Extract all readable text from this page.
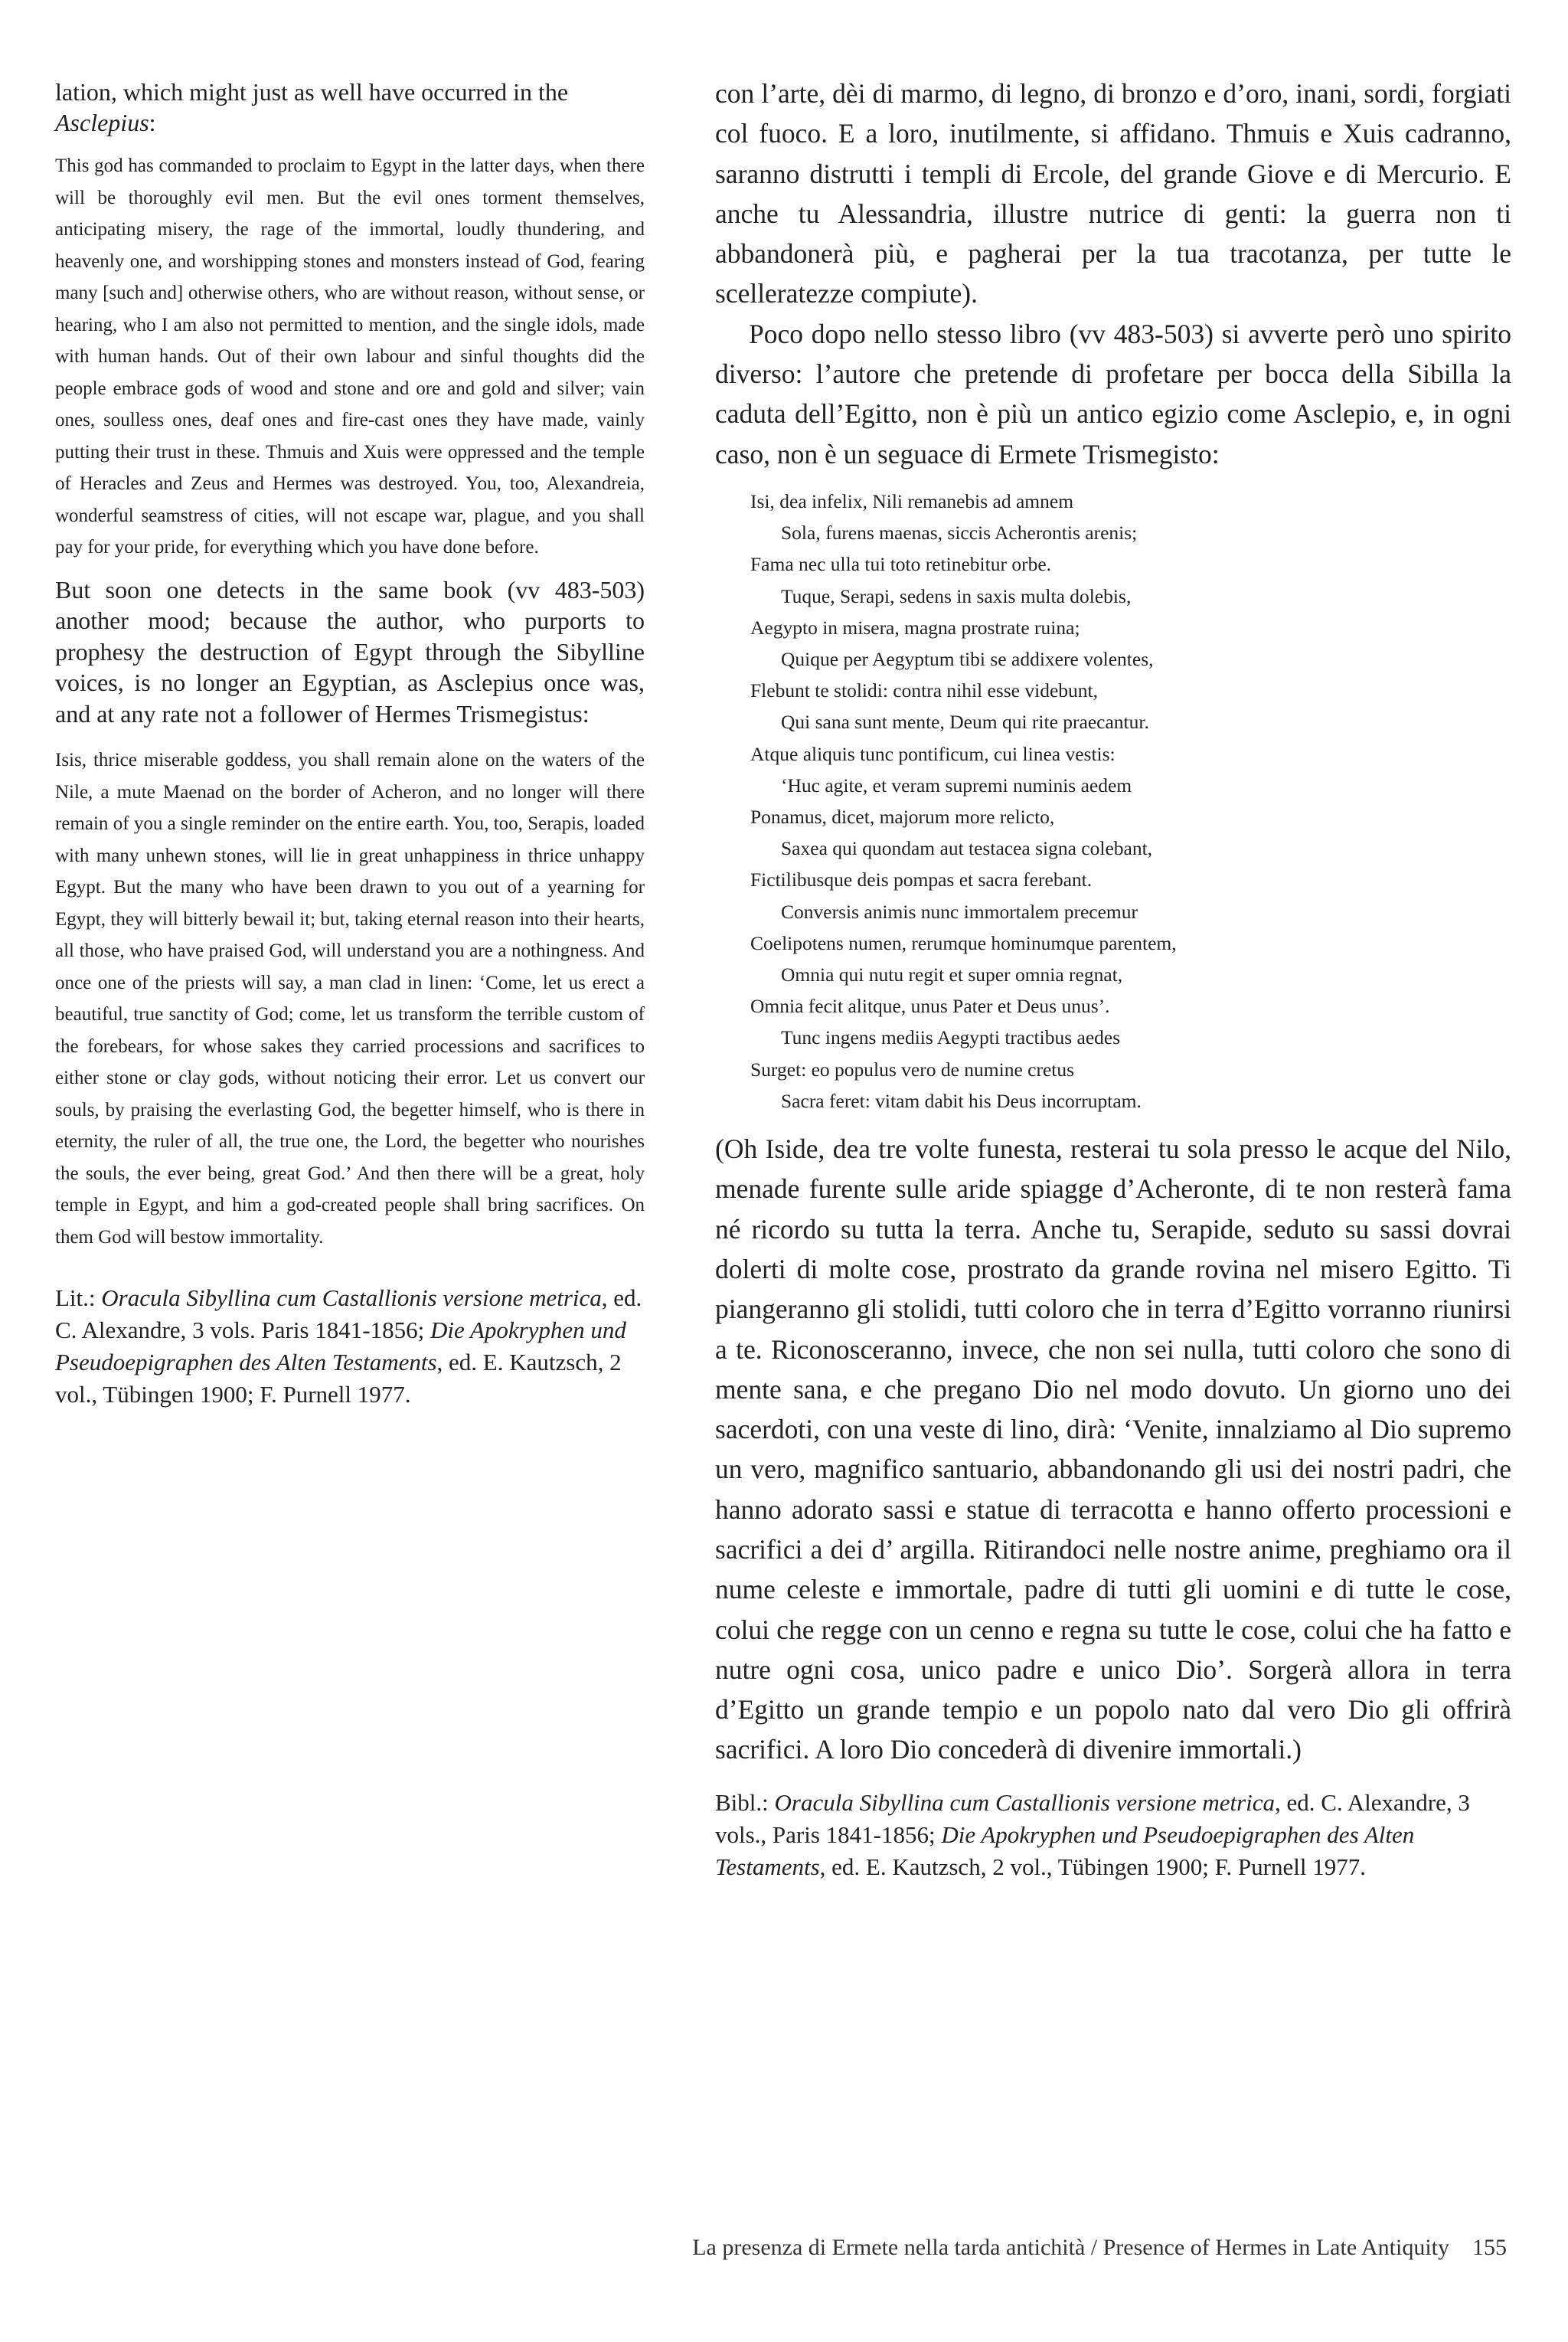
lation, which might just as well have occurred in the Asclepius:

This god has commanded to proclaim to Egypt in the latter days, when there will be thoroughly evil men. But the evil ones torment themselves, anticipating misery, the rage of the immortal, loudly thundering, and heavenly one, and worshipping stones and monsters instead of God, fearing many [such and] otherwise others, who are without reason, without sense, or hearing, who I am also not permitted to mention, and the single idols, made with human hands. Out of their own labour and sinful thoughts did the people embrace gods of wood and stone and ore and gold and silver; vain ones, soulless ones, deaf ones and fire-cast ones they have made, vainly putting their trust in these. Thmuis and Xuis were oppressed and the temple of Heracles and Zeus and Hermes was destroyed. You, too, Alexandreia, wonderful seamstress of cities, will not escape war, plague, and you shall pay for your pride, for everything which you have done before.

But soon one detects in the same book (vv 483-503) another mood; because the author, who purports to prophesy the destruction of Egypt through the Sibylline voices, is no longer an Egyptian, as Asclepius once was, and at any rate not a follower of Hermes Trismegistus:

Isis, thrice miserable goddess, you shall remain alone on the waters of the Nile, a mute Maenad on the border of Acheron, and no longer will there remain of you a single reminder on the entire earth. You, too, Serapis, loaded with many unhewn stones, will lie in great unhappiness in thrice unhappy Egypt. But the many who have been drawn to you out of a yearning for Egypt, they will bitterly bewail it; but, taking eternal reason into their hearts, all those, who have praised God, will understand you are a nothingness. And once one of the priests will say, a man clad in linen: ‘Come, let us erect a beautiful, true sanctity of God; come, let us transform the terrible custom of the forebears, for whose sakes they carried processions and sacrifices to either stone or clay gods, without noticing their error. Let us convert our souls, by praising the everlasting God, the begetter himself, who is there in eternity, the ruler of all, the true one, the Lord, the begetter who nourishes the souls, the ever being, great God.’ And then there will be a great, holy temple in Egypt, and him a god-created people shall bring sacrifices. On them God will bestow immortality.

Lit.: Oracula Sibyllina cum Castallionis versione metrica, ed. C. Alexandre, 3 vols. Paris 1841-1856; Die Apokryphen und Pseudoepigraphen des Alten Testaments, ed. E. Kautzsch, 2 vol., Tübingen 1900; F. Purnell 1977.

con l’arte, dèi di marmo, di legno, di bronzo e d’oro, inani, sordi, forgiati col fuoco. E a loro, inutilmente, si affidano. Thmuis e Xuis cadranno, saranno distrutti i templi di Ercole, del grande Giove e di Mercurio. E anche tu Alessandria, illustre nutrice di genti: la guerra non ti abbandonerà più, e pagherai per la tua tracotanza, per tutte le scelleratezze compiute).

Poco dopo nello stesso libro (vv 483-503) si avverte però uno spirito diverso: l’autore che pretende di profetare per bocca della Sibilla la caduta dell’Egitto, non è più un antico egizio come Asclepio, e, in ogni caso, non è un seguace di Ermete Trismegisto:

Isi, dea infelix, Nili remanebis ad amnem
Sola, furens maenas, siccis Acherontis arenis;
Fama nec ulla tui toto retinebitur orbe.
Tuque, Serapi, sedens in saxis multa dolebis,
Aegypto in misera, magna prostrate ruina;
Quique per Aegyptum tibi se addixere volentes,
Flebunt te stolidi: contra nihil esse videbunt,
Qui sana sunt mente, Deum qui rite praecantur.
Atque aliquis tunc pontificum, cui linea vestis:
‘Huc agite, et veram supremi numinis aedem
Ponamus, dicet, majorum more relicto,
Saxea qui quondam aut testacea signa colebant,
Fictilibusque deis pompas et sacra ferebant.
Conversis animis nunc immortalem precemur
Coelipotens numen, rerumque hominumque parentem,
Omnia qui nutu regit et super omnia regnat,
Omnia fecit alitque, unus Pater et Deus unus’.
Tunc ingens mediis Aegypti tractibus aedes
Surget: eo populus vero de numine cretus
Sacra feret: vitam dabit his Deus incorruptam.

(Oh Iside, dea tre volte funesta, resterai tu sola presso le acque del Nilo, menade furente sulle aride spiagge d’Acheronte, di te non resterà fama né ricordo su tutta la terra. Anche tu, Serapide, seduto su sassi dovrai dolerti di molte cose, prostrato da grande rovina nel misero Egitto. Ti piangeranno gli stolidi, tutti coloro che in terra d’Egitto vorranno riunirsi a te. Riconosceranno, invece, che non sei nulla, tutti coloro che sono di mente sana, e che pregano Dio nel modo dovuto. Un giorno uno dei sacerdoti, con una veste di lino, dirà: ‘Venite, innalziamo al Dio supremo un vero, magnifico santuario, abbandonando gli usi dei nostri padri, che hanno adorato sassi e statue di terracotta e hanno offerto processioni e sacrifici a dei d’ argilla. Ritirandoci nelle nostre anime, preghiamo ora il nume celeste e immortale, padre di tutti gli uomini e di tutte le cose, colui che regge con un cenno e regna su tutte le cose, colui che ha fatto e nutre ogni cosa, unico padre e unico Dio’. Sorgerà allora in terra d’Egitto un grande tempio e un popolo nato dal vero Dio gli offrirà sacrifici. A loro Dio concederà di divenire immortali.)

Bibl.: Oracula Sibyllina cum Castallionis versione metrica, ed. C. Alexandre, 3 vols., Paris 1841-1856; Die Apokryphen und Pseudoepigraphen des Alten Testaments, ed. E. Kautzsch, 2 vol., Tübingen 1900; F. Purnell 1977.

La presenza di Ermete nella tarda antichità / Presence of Hermes in Late Antiquity 155
